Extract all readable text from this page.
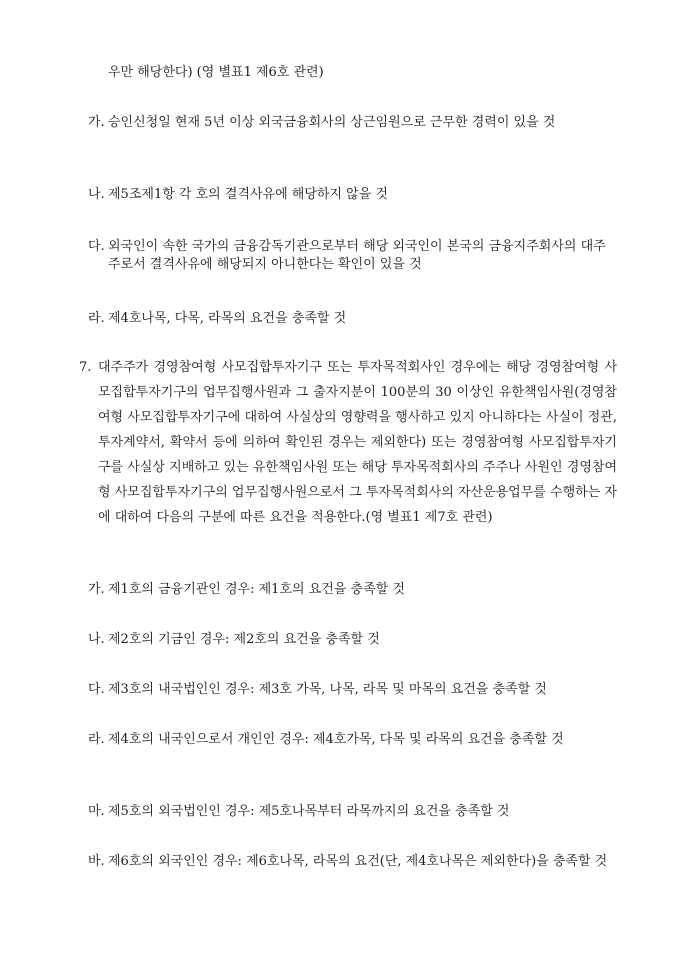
우만 해당한다) (영 별표1 제6호 관련)
가. 승인신청일 현재 5년 이상 외국금융회사의 상근임원으로 근무한 경력이 있을 것
나. 제5조제1항 각 호의 결격사유에 해당하지 않을 것
다. 외국인이 속한 국가의 금융감독기관으로부터 해당 외국인이 본국의 금융지주회사의 대주주로서 결격사유에 해당되지 아니한다는 확인이 있을 것
라. 제4호나목, 다목, 라목의 요건을 충족할 것
7. 대주주가 경영참여형 사모집합투자기구 또는 투자목적회사인 경우에는 해당 경영참여형 사모집합투자기구의 업무집행사원과 그 출자지분이 100분의 30 이상인 유한책임사원(경영참여형 사모집합투자기구에 대하여 사실상의 영향력을 행사하고 있지 아니하다는 사실이 정관, 투자계약서, 확약서 등에 의하여 확인된 경우는 제외한다) 또는 경영참여형 사모집합투자기구를 사실상 지배하고 있는 유한책임사원 또는 해당 투자목적회사의 주주나 사원인 경영참여형 사모집합투자기구의 업무집행사원으로서 그 투자목적회사의 자산운용업무를 수행하는 자에 대하여 다음의 구분에 따른 요건을 적용한다.(영 별표1 제7호 관련)
가. 제1호의 금융기관인 경우: 제1호의 요건을 충족할 것
나. 제2호의 기금인 경우: 제2호의 요건을 충족할 것
다. 제3호의 내국법인인 경우: 제3호 가목, 나목, 라목 및 마목의 요건을 충족할 것
라. 제4호의 내국인으로서 개인인 경우: 제4호가목, 다목 및 라목의 요건을 충족할 것
마. 제5호의 외국법인인 경우: 제5호나목부터 라목까지의 요건을 충족할 것
바. 제6호의 외국인인 경우: 제6호나목, 라목의 요건(단, 제4호나목은 제외한다)을 충족할 것
